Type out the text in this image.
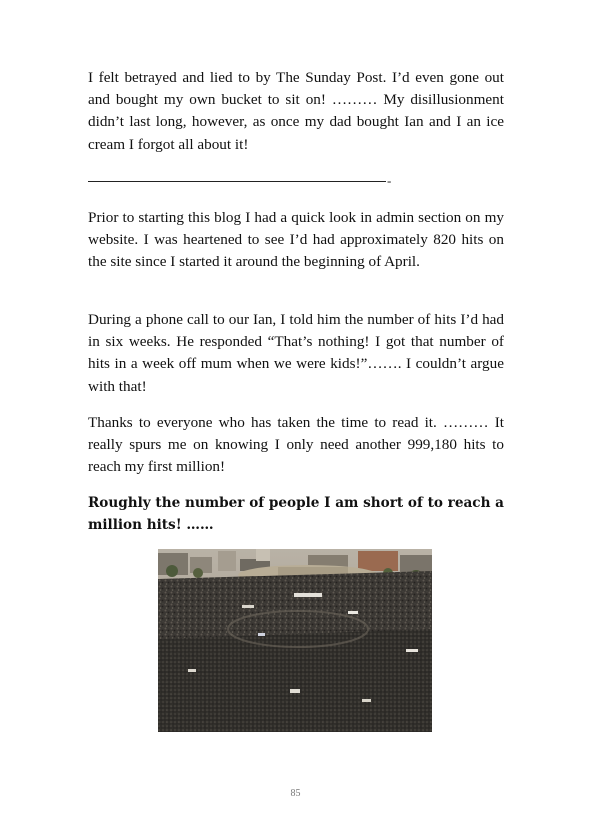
I felt betrayed and lied to by The Sunday Post. I’d even gone out and bought my own bucket to sit on! ……… My disillusionment didn’t last long, however, as once my dad bought Ian and I an ice cream I forgot all about it!

-

Prior to starting this blog I had a quick look in admin section on my website. I was heartened to see I’d had approximately 820 hits on the site since I started it around the beginning of April.

During a phone call to our Ian, I told him the number of hits I’d had in six weeks. He responded “That’s nothing! I got that number of hits in a week off mum when we were kids!”……. I couldn’t argue with that!

Thanks to everyone who has taken the time to read it. ……… It really spurs me on knowing I only need another 999,180 hits to reach my first million!

Roughly the number of people I am short of to reach a million hits! ……

85
